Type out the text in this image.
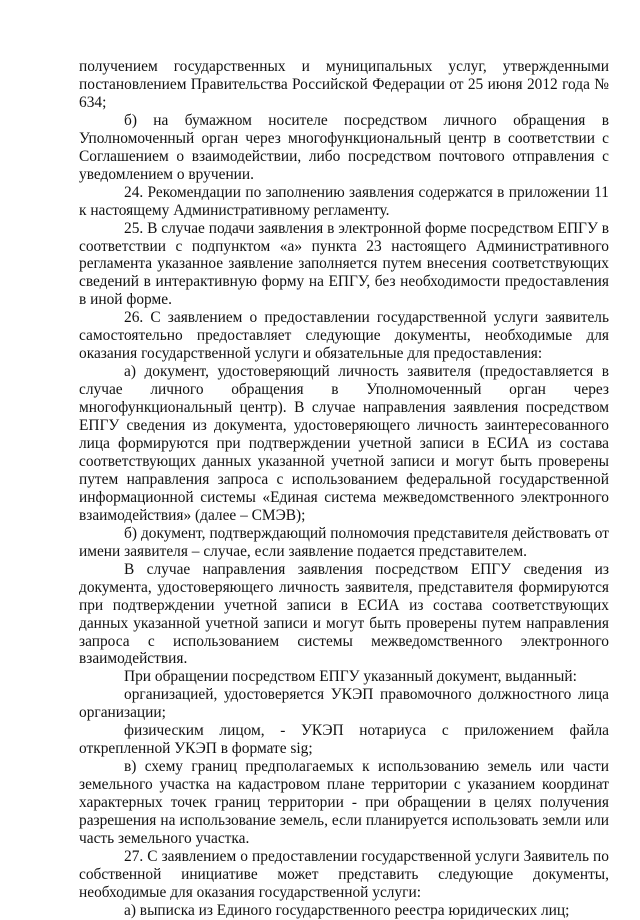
получением государственных и муниципальных услуг, утвержденными постановлением Правительства Российской Федерации от 25 июня 2012 года № 634;

б) на бумажном носителе посредством личного обращения в Уполномоченный орган через многофункциональный центр в соответствии с Соглашением о взаимодействии, либо посредством почтового отправления с уведомлением о вручении.

24. Рекомендации по заполнению заявления содержатся в приложении 11 к настоящему Административному регламенту.

25. В случае подачи заявления в электронной форме посредством ЕПГУ в соответствии с подпунктом «а» пункта 23 настоящего Административного регламента указанное заявление заполняется путем внесения соответствующих сведений в интерактивную форму на ЕПГУ, без необходимости предоставления в иной форме.

26. С заявлением о предоставлении государственной услуги заявитель самостоятельно предоставляет следующие документы, необходимые для оказания государственной услуги и обязательные для предоставления:

а) документ, удостоверяющий личность заявителя (предоставляется в случае личного обращения в Уполномоченный орган через многофункциональный центр). В случае направления заявления посредством ЕПГУ сведения из документа, удостоверяющего личность заинтересованного лица формируются при подтверждении учетной записи в ЕСИА из состава соответствующих данных указанной учетной записи и могут быть проверены путем направления запроса с использованием федеральной государственной информационной системы «Единая система межведомственного электронного взаимодействия» (далее – СМЭВ);

б) документ, подтверждающий полномочия представителя действовать от имени заявителя – случае, если заявление подается представителем.

В случае направления заявления посредством ЕПГУ сведения из документа, удостоверяющего личность заявителя, представителя формируются при подтверждении учетной записи в ЕСИА из состава соответствующих данных указанной учетной записи и могут быть проверены путем направления запроса с использованием системы межведомственного электронного взаимодействия.

При обращении посредством ЕПГУ указанный документ, выданный:

организацией, удостоверяется УКЭП правомочного должностного лица организации;

физическим лицом, - УКЭП нотариуса с приложением файла открепленной УКЭП в формате sig;

в) схему границ предполагаемых к использованию земель или части земельного участка на кадастровом плане территории с указанием координат характерных точек границ территории - при обращении в целях получения разрешения на использование земель, если планируется использовать земли или часть земельного участка.

27. С заявлением о предоставлении государственной услуги Заявитель по собственной инициативе может представить следующие документы, необходимые для оказания государственной услуги:

а) выписка из Единого государственного реестра юридических лиц;
